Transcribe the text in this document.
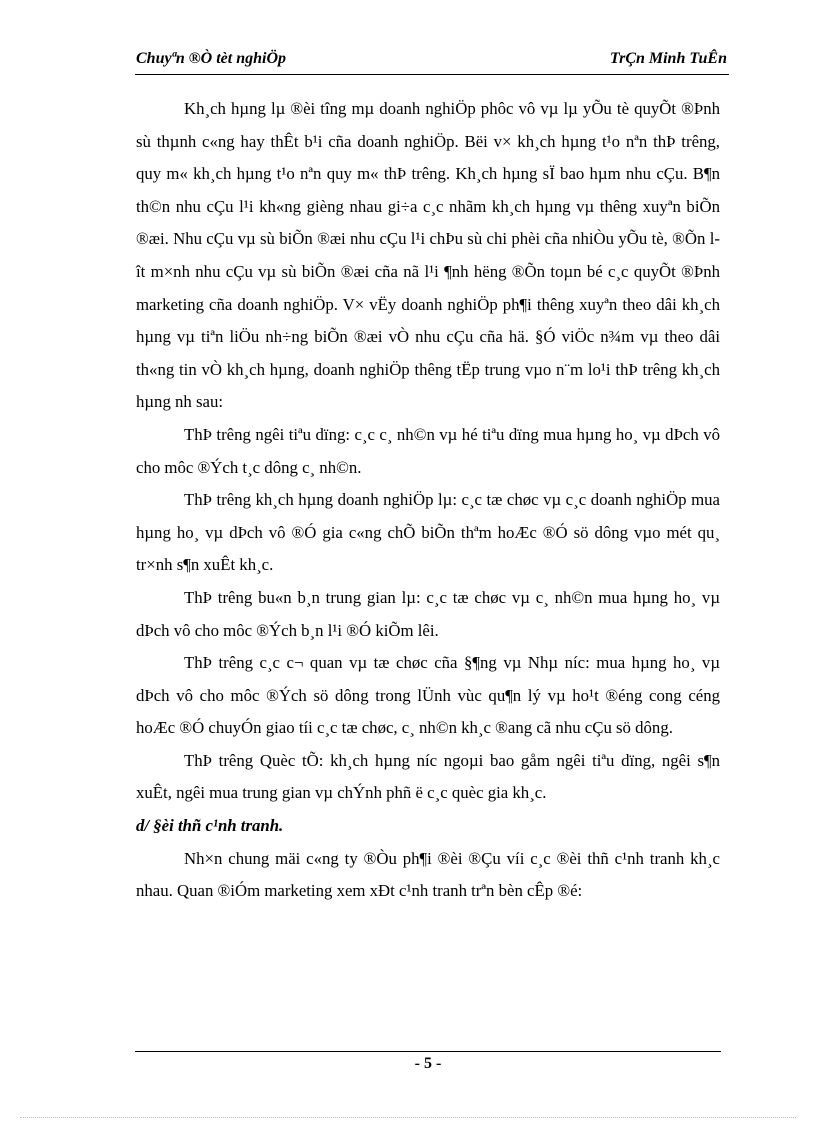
Chuyªn ®Ò tèt nghiÖp	TrÇn Minh TuÊn

Kh¸ch hµng lµ ®èi tîng mµ doanh nghiÖp phôc vô vµ lµ yÕu tè quyÕt ®Þnh sù thµnh c«ng hay thÊt b¹i cña doanh nghiÖp. Bëi v× kh¸ch hµng t¹o nªn thÞ trêng, quy m« kh¸ch hµng t¹o nªn quy m« thÞ trêng. Kh¸ch hµng sÏ bao hµm nhu cÇu. B¶n th©n nhu cÇu l¹i kh«ng gièng nhau gi÷a c¸c nhãm kh¸ch hµng vµ thêng xuyªn biÕn ®æi. Nhu cÇu vµ sù biÕn ®æi nhu cÇu l¹i chÞu sù chi phèi cña nhiÒu yÕu tè, ®Õn lît m×nh nhu cÇu vµ sù biÕn ®æi cña nã l¹i ¶nh hëng ®Õn toµn bé c¸c quyÕt ®Þnh marketing cña doanh nghiÖp. V× vËy doanh nghiÖp ph¶i thêng xuyªn theo dâi kh¸ch hµng vµ tiªn liÖu nh÷ng biÕn ®æi vÒ nhu cÇu cña hä. §Ó viÖc n¾m vµ theo dâi th«ng tin vÒ kh¸ch hµng, doanh nghiÖp thêng tËp trung vµo n¨m lo¹i thÞ trêng kh¸ch hµng nh sau:

ThÞ trêng ngêi tiªu dïng: c¸c c¸ nh©n vµ hé tiªu dïng mua hµng ho¸ vµ dÞch vô cho môc ®Ých t¸c dông c¸ nh©n.

ThÞ trêng kh¸ch hµng doanh nghiÖp lµ: c¸c tæ chøc vµ c¸c doanh nghiÖp mua hµng ho¸ vµ dÞch vô ®Ó gia c«ng chÕ biÕn thªm hoÆc ®Ó sö dông vµo mét qu¸ tr×nh s¶n xuÊt kh¸c.

ThÞ trêng bu«n b¸n trung gian lµ: c¸c tæ chøc vµ c¸ nh©n mua hµng ho¸ vµ dÞch vô cho môc ®Ých b¸n l¹i ®Ó kiÕm lêi.

ThÞ trêng c¸c c¬ quan vµ tæ chøc cña §¶ng vµ Nhµ níc: mua hµng ho¸ vµ dÞch vô cho môc ®Ých sö dông trong lÜnh vùc qu¶n lý vµ ho¹t ®éng cong céng hoÆc ®Ó chuyÓn giao tíi c¸c tæ chøc, c¸ nh©n kh¸c ®ang cã nhu cÇu sö dông.

ThÞ trêng Quèc tÕ: kh¸ch hµng níc ngoµi bao gåm ngêi tiªu dïng, ngêi s¶n xuÊt, ngêi mua trung gian vµ chÝnh phñ ë c¸c quèc gia kh¸c.

d/ §èi thñ c¹nh tranh.

Nh×n chung mäi c«ng ty ®Òu ph¶i ®èi ®Çu víi c¸c ®èi thñ c¹nh tranh kh¸c nhau. Quan ®iÓm marketing xem xÐt c¹nh tranh trªn bèn cÊp ®é:

- 5 -
